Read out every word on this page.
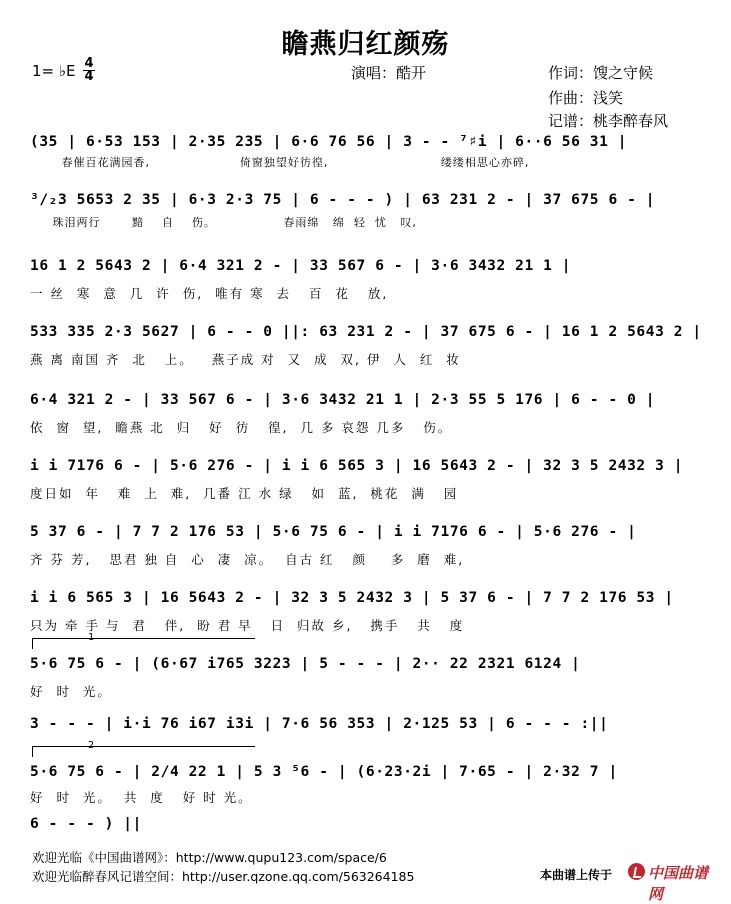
瞻燕归红颜殇
1= ♭E 4
4	演唱：酷开	作词：馊之守候
作曲：浅笑
记谱：桃李醉春风
(35 | 6·53 153 | 2·35 235 | 6·6 76 56 | 3 - - ⁷♯i | 6··6 56 31 |
春催百花满园香,                    倚窗独望好彷徨,                         缕缕相思心亦碎,
³/₂3 5653 2 35 | 6·3 2·3 75 | 6 - - - ) | 63 231 2 - | 37 675 6 - |
珠泪两行       黯    自    伤。               春雨绵   绵  轻  忧   叹,
16 1 2 5643 2 | 6·4 321 2 - | 33 567 6 - | 3·6 3432 21 1 |
一 丝  寒  意  几  许  伤,  唯有 寒  去   百  花   放,
533 335 2·3 5627 | 6 - - 0 ||: 63 231 2 - | 37 675 6 - | 16 1 2 5643 2 |
燕 离 南国 齐  北   上。   燕子成 对  又  成  双, 伊  人  红  妆
6·4 321 2 - | 33 567 6 - | 3·6 3432 21 1 | 2·3 55 5 176 | 6 - - 0 |
依  窗  望,  瞻燕 北  归   好  彷   徨,  几 多 哀怨 几多   伤。
i i 7176 6 - | 5·6 276 - | i i 6 565 3 | 16 5643 2 - | 32 3 5 2432 3 |
度日如  年   难  上  难,  几番 江 水 绿   如  蓝,  桃花  满   园
5 37 6 - | 7 7 2 176 53 | 5·6 75 6 - | i i 7176 6 - | 5·6 276 - |
齐 芬 芳,   思君 独 自  心  凄  凉。  自古 红   颜    多  磨  难,
i i 6 565 3 | 16 5643 2 - | 32 3 5 2432 3 | 5 37 6 - | 7 7 2 176 53 |
只为 牵 手 与  君   伴,  盼 君 早   日  归故 乡,   携手   共   度
1
5·6 75 6 - | (6·67 i765 3223 | 5 - - - | 2·· 22 2321 6124 |
好  时  光。
3 - - - | i·i 76 i67 i3i | 7·6 56 353 | 2·125 53 | 6 - - - :||
2
5·6 75 6 - | 2/4 22 1 | 5 3 ⁵6 - | (6·23·2i | 7·65 - | 2·32 7 |
好  时  光。  共  度   好 时 光。
6 - - - ) ||
欢迎光临《中国曲谱网》：http://www.qupu123.com/space/6
欢迎光临醉春风记谱空间：http://user.qzone.qq.com/563264185	本曲谱上传于 中国曲谱网
